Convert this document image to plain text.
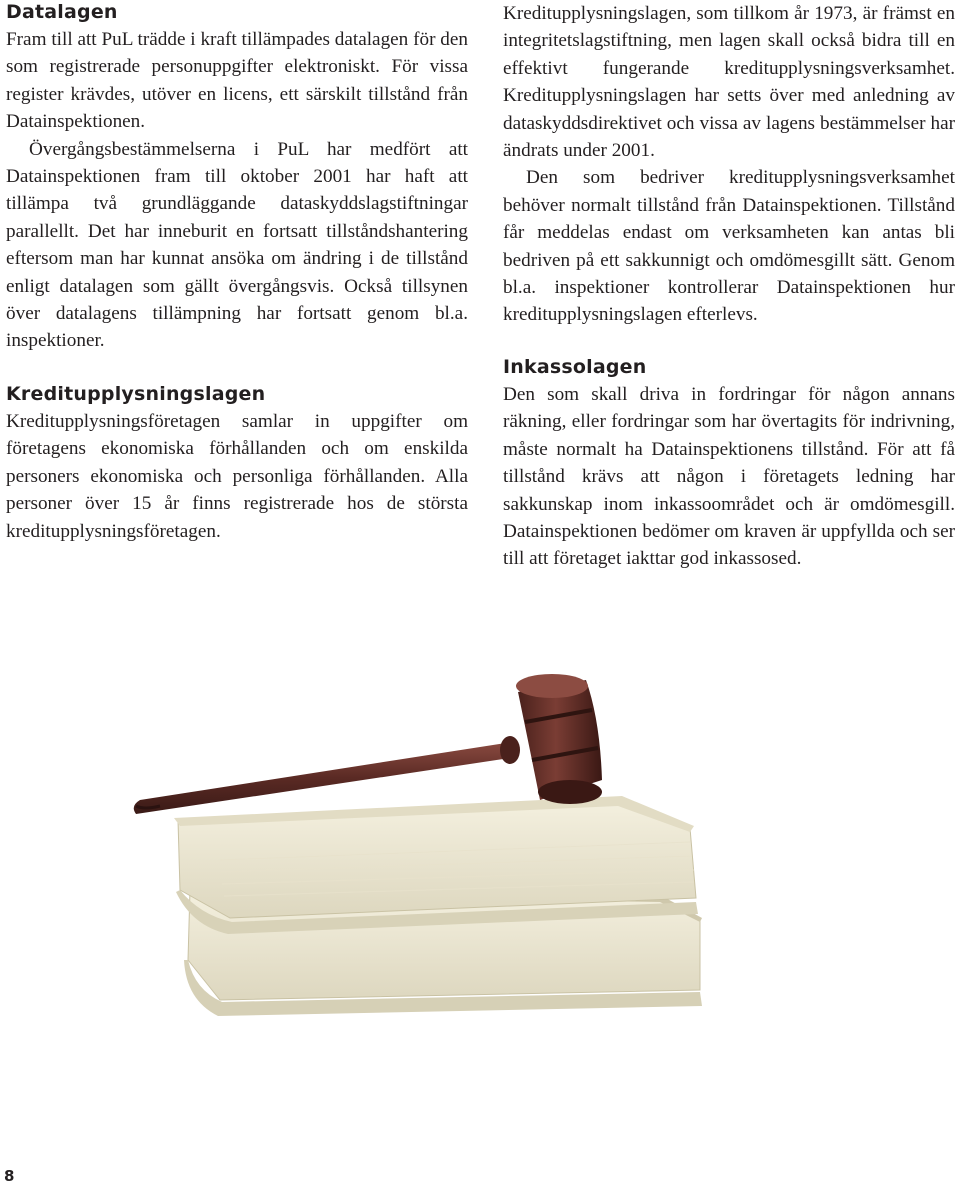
Datalagen

Fram till att PuL trädde i kraft tillämpades datalagen för den som registrerade personuppgifter elektroniskt. För vissa register krävdes, utöver en licens, ett särskilt tillstånd från Datainspektionen.

Övergångsbestämmelserna i PuL har medfört att Datainspektionen fram till oktober 2001 har haft att tillämpa två grundläggande dataskyddslagstiftningar parallellt. Det har inneburit en fortsatt tillståndshantering eftersom man har kunnat ansöka om ändring i de tillstånd enligt datalagen som gällt övergångsvis. Också tillsynen över datalagens tillämpning har fortsatt genom bl.a. inspektioner.

Kreditupplysningslagen

Kreditupplysningsföretagen samlar in uppgifter om företagens ekonomiska förhållanden och om enskilda personers ekonomiska och personliga förhållanden. Alla personer över 15 år finns registrerade hos de största kreditupplysningsföretagen.

Kreditupplysningslagen, som tillkom år 1973, är främst en integritetslagstiftning, men lagen skall också bidra till en effektivt fungerande kreditupplysningsverksamhet. Kreditupplysningslagen har setts över med anledning av dataskyddsdirektivet och vissa av lagens bestämmelser har ändrats under 2001.

Den som bedriver kreditupplysningsverksamhet behöver normalt tillstånd från Datainspektionen. Tillstånd får meddelas endast om verksamheten kan antas bli bedriven på ett sakkunnigt och omdömesgillt sätt. Genom bl.a. inspektioner kontrollerar Datainspektionen hur kreditupplysningslagen efterlevs.

Inkassolagen

Den som skall driva in fordringar för någon annans räkning, eller fordringar som har övertagits för indrivning, måste normalt ha Datainspektionens tillstånd. För att få tillstånd krävs att någon i företagets ledning har sakkunskap inom inkassoområdet och är omdömesgill. Datainspektionen bedömer om kraven är uppfyllda och ser till att företaget iakttar god inkassosed.

8
